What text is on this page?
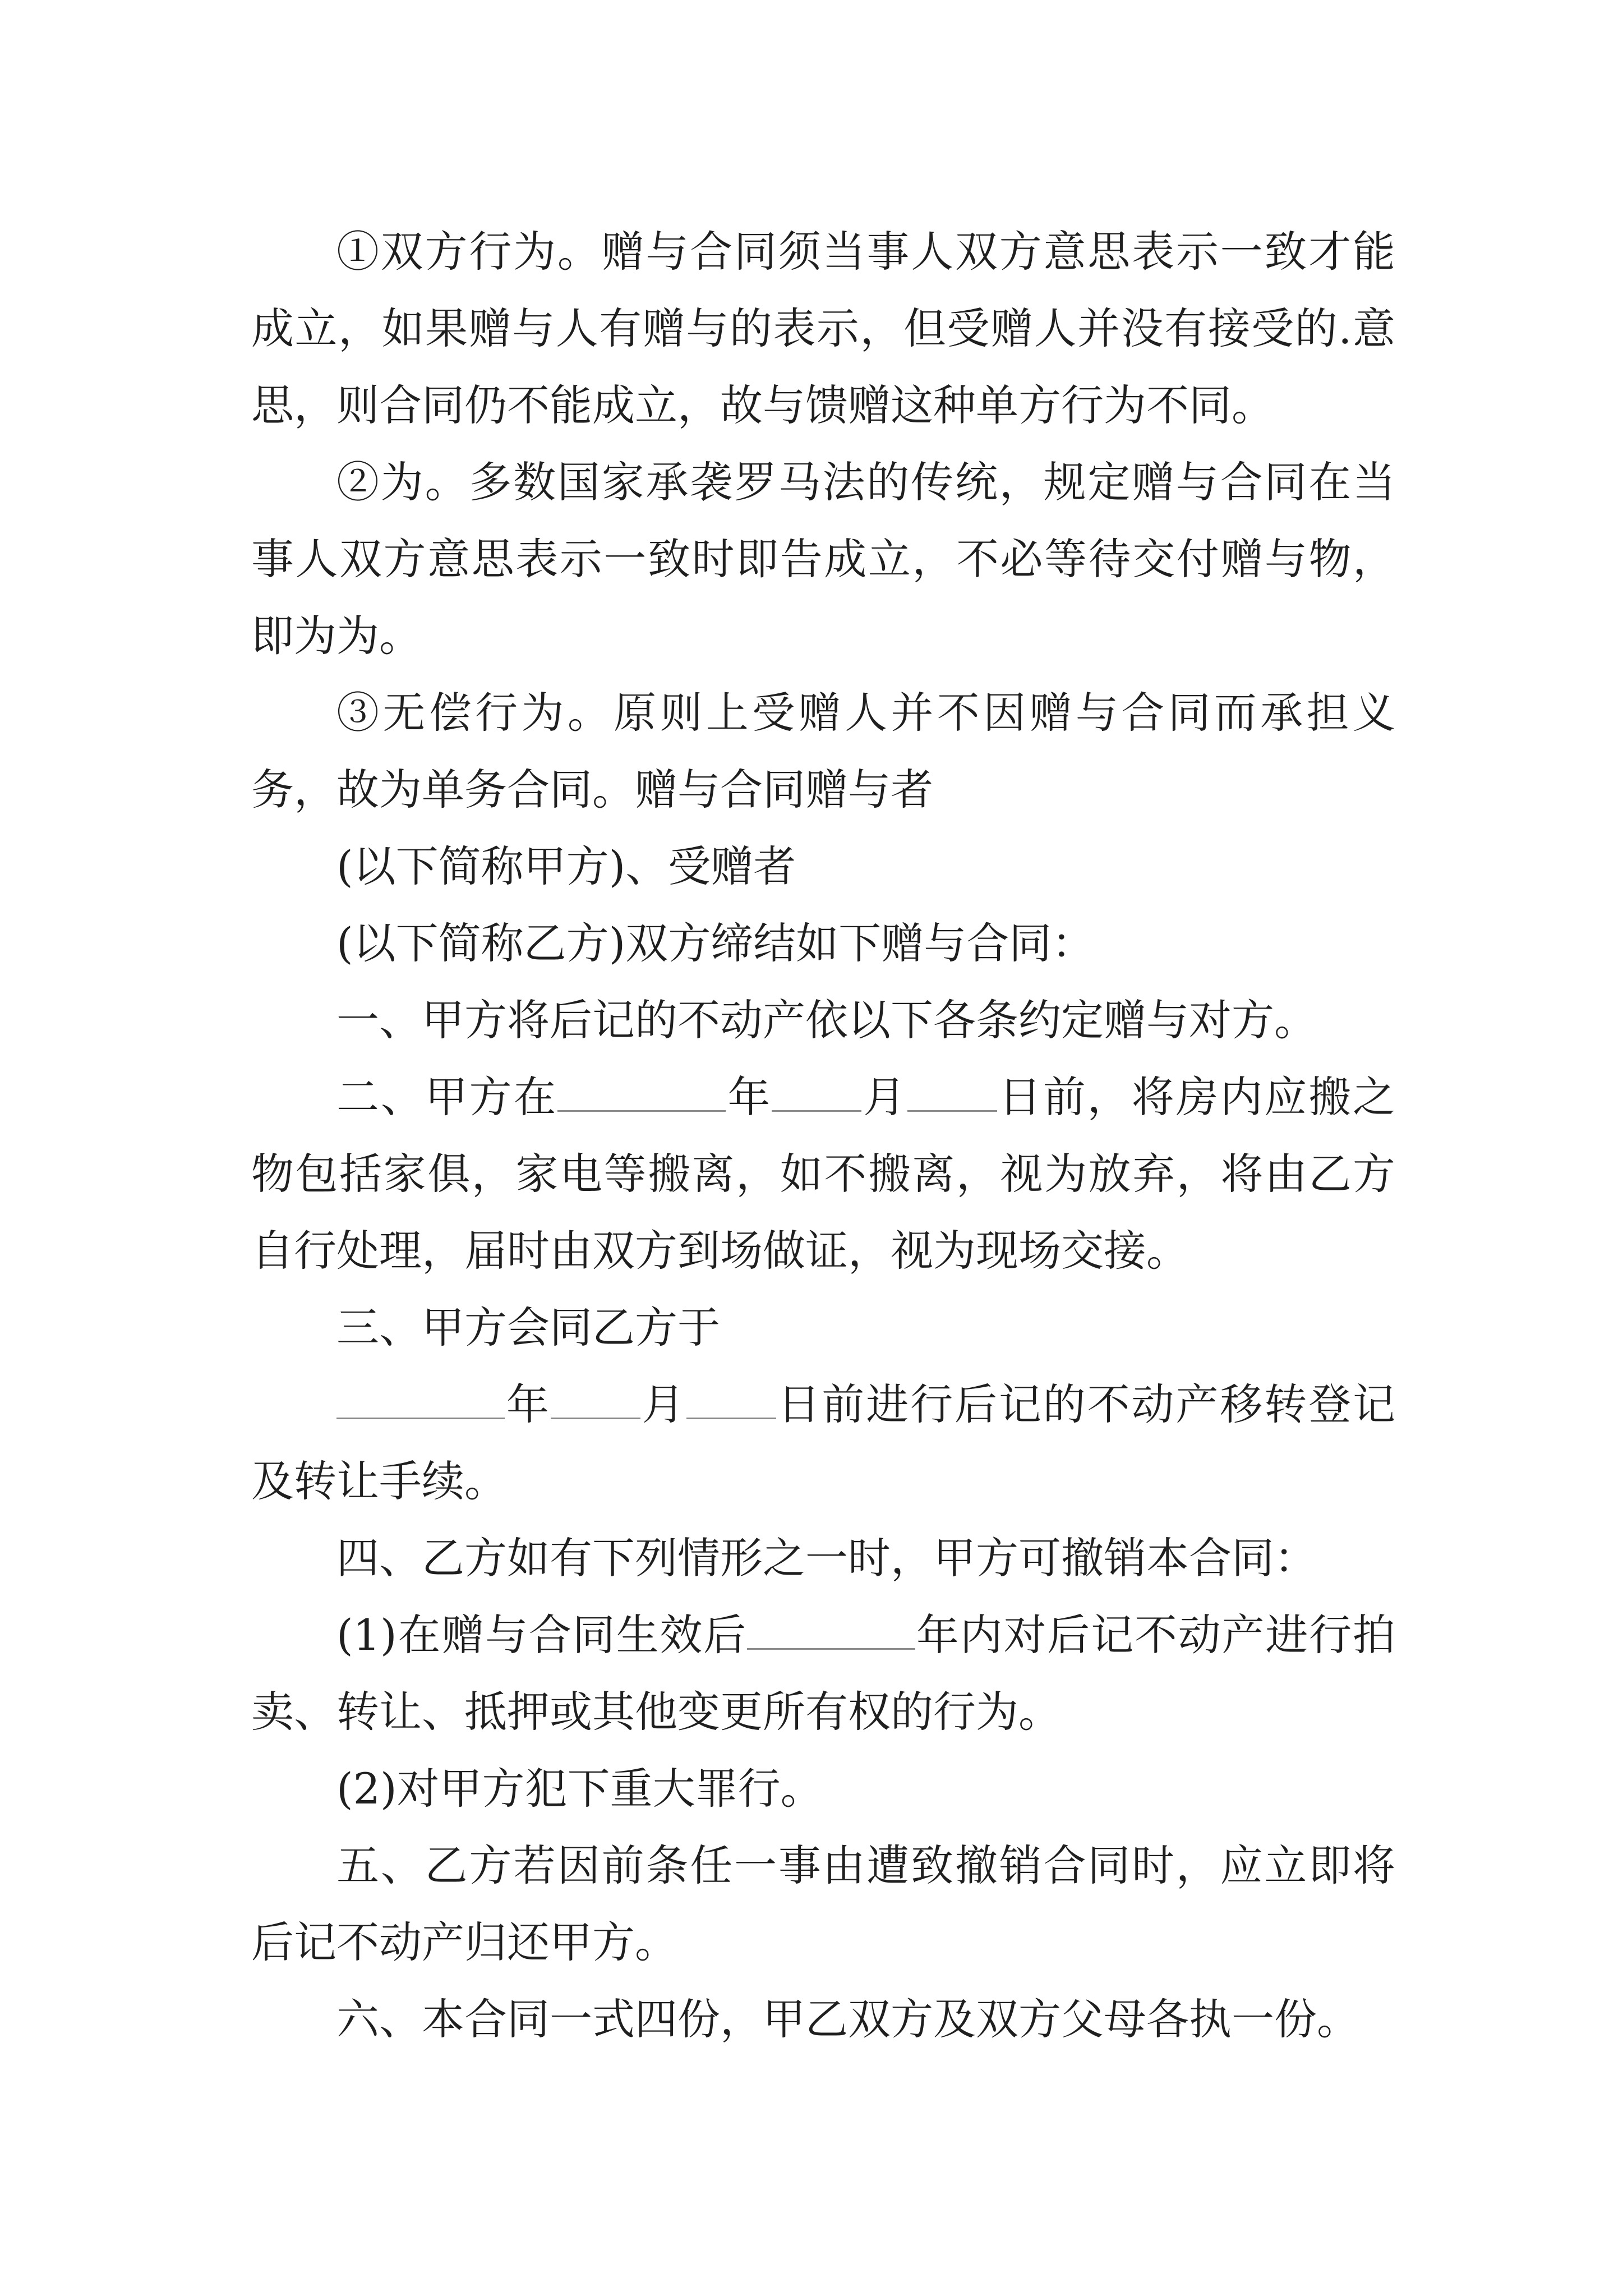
①双方行为。赠与合同须当事人双方意思表示一致才能成立，如果赠与人有赠与的表示，但受赠人并没有接受的.意思，则合同仍不能成立，故与馈赠这种单方行为不同。

②为。多数国家承袭罗马法的传统，规定赠与合同在当事人双方意思表示一致时即告成立，不必等待交付赠与物，即为为。

③无偿行为。原则上受赠人并不因赠与合同而承担义务，故为单务合同。赠与合同赠与者

(以下简称甲方)、受赠者

(以下简称乙方)双方缔结如下赠与合同：

一、甲方将后记的不动产依以下各条约定赠与对方。

二、甲方在	年 月 日前，将房内应搬之物包括家俱，家电等搬离，如不搬离，视为放弃，将由乙方自行处理，届时由双方到场做证，视为现场交接。

三、甲方会同乙方于

年 月 日前进行后记的不动产移转登记及转让手续。

四、乙方如有下列情形之一时，甲方可撤销本合同：

(1)在赠与合同生效后	年内对后记不动产进行拍卖、转让、抵押或其他变更所有权的行为。

(2)对甲方犯下重大罪行。

五、乙方若因前条任一事由遭致撤销合同时，应立即将后记不动产归还甲方。

六、本合同一式四份，甲乙双方及双方父母各执一份。
